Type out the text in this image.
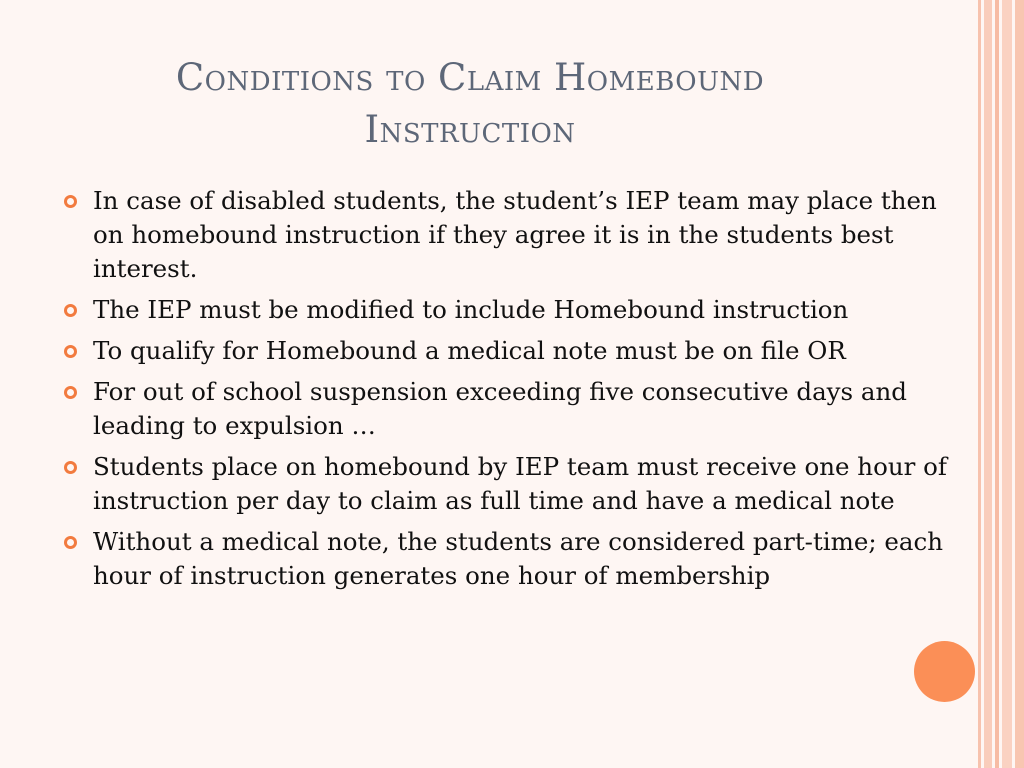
Conditions to Claim Homebound
Instruction
In case of disabled students, the student’s IEP team may place then on homebound instruction if they agree it is in the students best interest.
The IEP must be modified to include Homebound instruction
To qualify for Homebound a medical note must be on file OR
For out of school suspension exceeding five consecutive days and leading to expulsion …
Students place on homebound by IEP team must receive one hour of instruction per day to claim as full time and have a medical note
Without a medical note, the students are considered part-time; each hour of instruction generates one hour of membership
